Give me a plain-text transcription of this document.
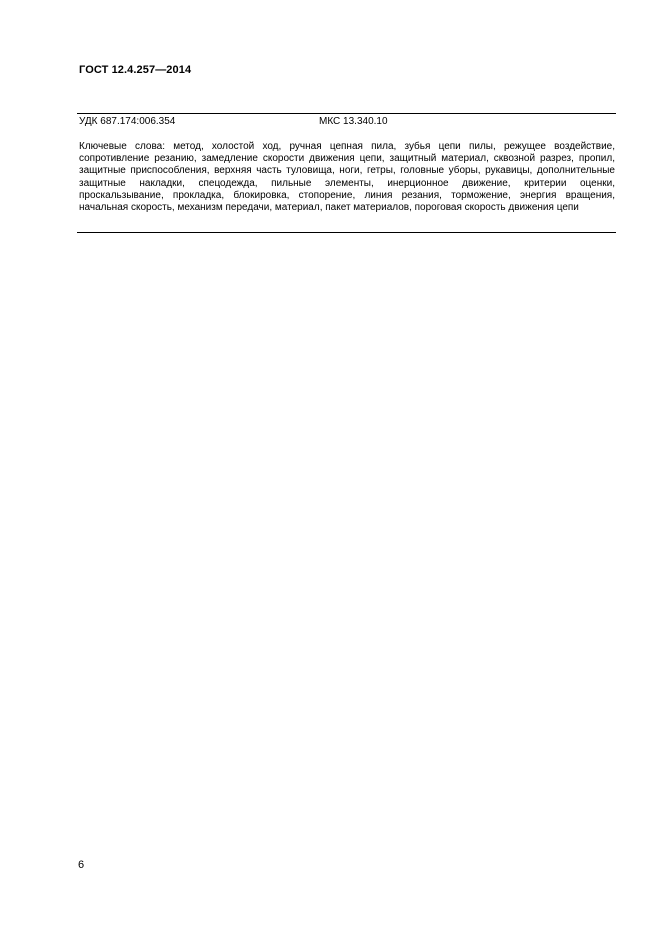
ГОСТ 12.4.257—2014
УДК 687.174:006.354	МКС 13.340.10
Ключевые слова: метод, холостой ход, ручная цепная пила, зубья цепи пилы, режущее воздействие, сопротивление резанию, замедление скорости движения цепи, защитный материал, сквозной разрез, пропил, защитные приспособления, верхняя часть туловища, ноги, гетры, головные уборы, рукавицы, дополнительные защитные накладки, спецодежда, пильные элементы, инерционное движение, критерии оценки, проскальзывание, прокладка, блокировка, стопорение, линия резания, торможение, энергия вращения, начальная скорость, механизм передачи, материал, пакет материалов, пороговая скорость движения цепи
6
